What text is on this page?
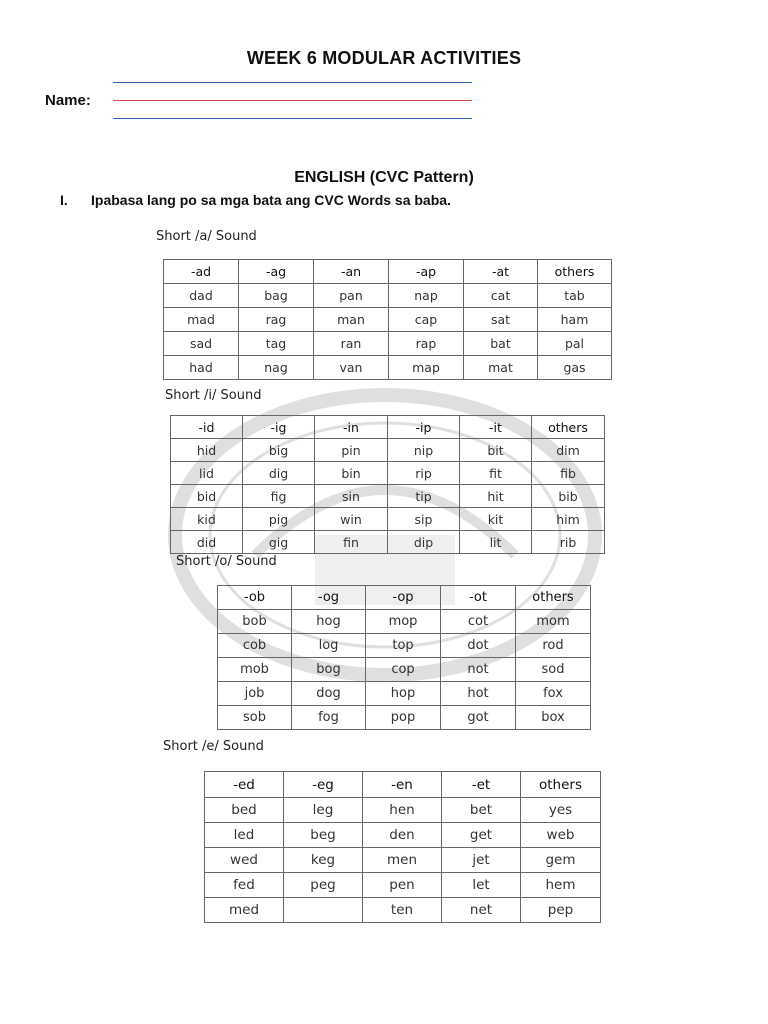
WEEK 6 MODULAR ACTIVITIES
Name:
ENGLISH (CVC Pattern)
I. Ipabasa lang po sa mga bata ang CVC Words sa baba.
Short /a/ Sound
-ad	-ag	-an	-ap	-at	others
dad	bag	pan	nap	cat	tab
mad	rag	man	cap	sat	ham
sad	tag	ran	rap	bat	pal
had	nag	van	map	mat	gas
Short /i/ Sound
-id	-ig	-in	-ip	-it	others
hid	big	pin	nip	bit	dim
lid	dig	bin	rip	fit	fib
bid	fig	sin	tip	hit	bib
kid	pig	win	sip	kit	him
did	gig	fin	dip	lit	rib
Short /o/ Sound
-ob	-og	-op	-ot	others
bob	hog	mop	cot	mom
cob	log	top	dot	rod
mob	bog	cop	not	sod
job	dog	hop	hot	fox
sob	fog	pop	got	box
Short /e/ Sound
-ed	-eg	-en	-et	others
bed	leg	hen	bet	yes
led	beg	den	get	web
wed	keg	men	jet	gem
fed	peg	pen	let	hem
med		ten	net	pep
